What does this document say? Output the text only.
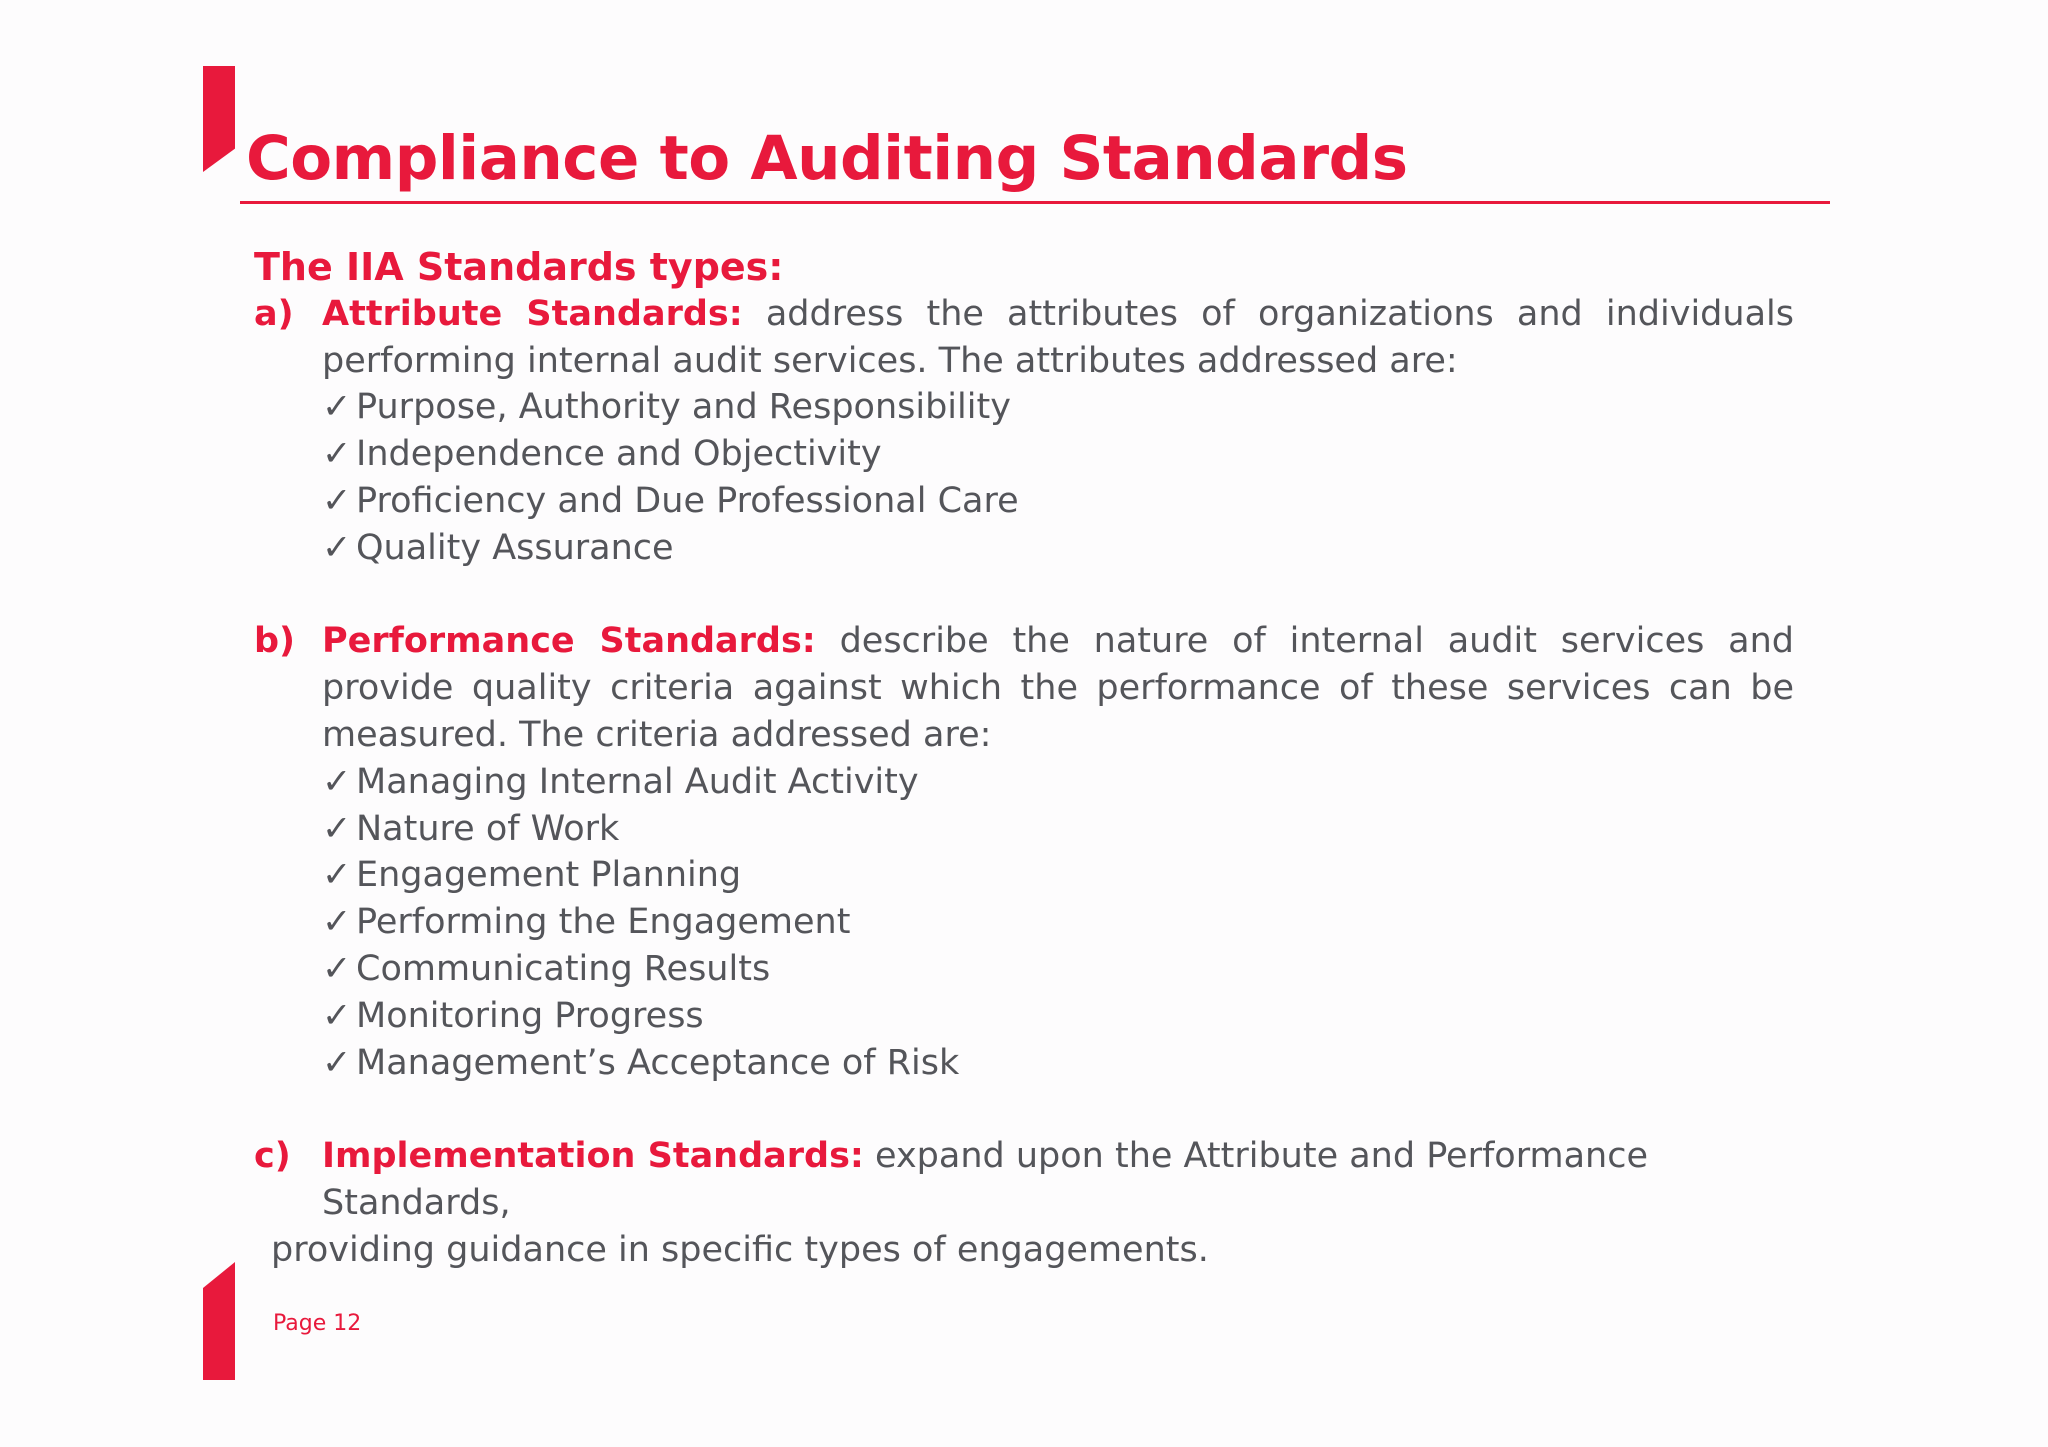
Compliance to Auditing Standards
The IIA Standards types:
a) Attribute Standards: address the attributes of organizations and individuals performing internal audit services. The attributes addressed are:
✓ Purpose, Authority and Responsibility
✓ Independence and Objectivity
✓ Proficiency and Due Professional Care
✓ Quality Assurance
b) Performance Standards: describe the nature of internal audit services and provide quality criteria against which the performance of these services can be measured. The criteria addressed are:
✓ Managing Internal Audit Activity
✓ Nature of Work
✓ Engagement Planning
✓ Performing the Engagement
✓ Communicating Results
✓ Monitoring Progress
✓ Management’s Acceptance of Risk
c) Implementation Standards: expand upon the Attribute and Performance Standards,
providing guidance in specific types of engagements.
Page 12
